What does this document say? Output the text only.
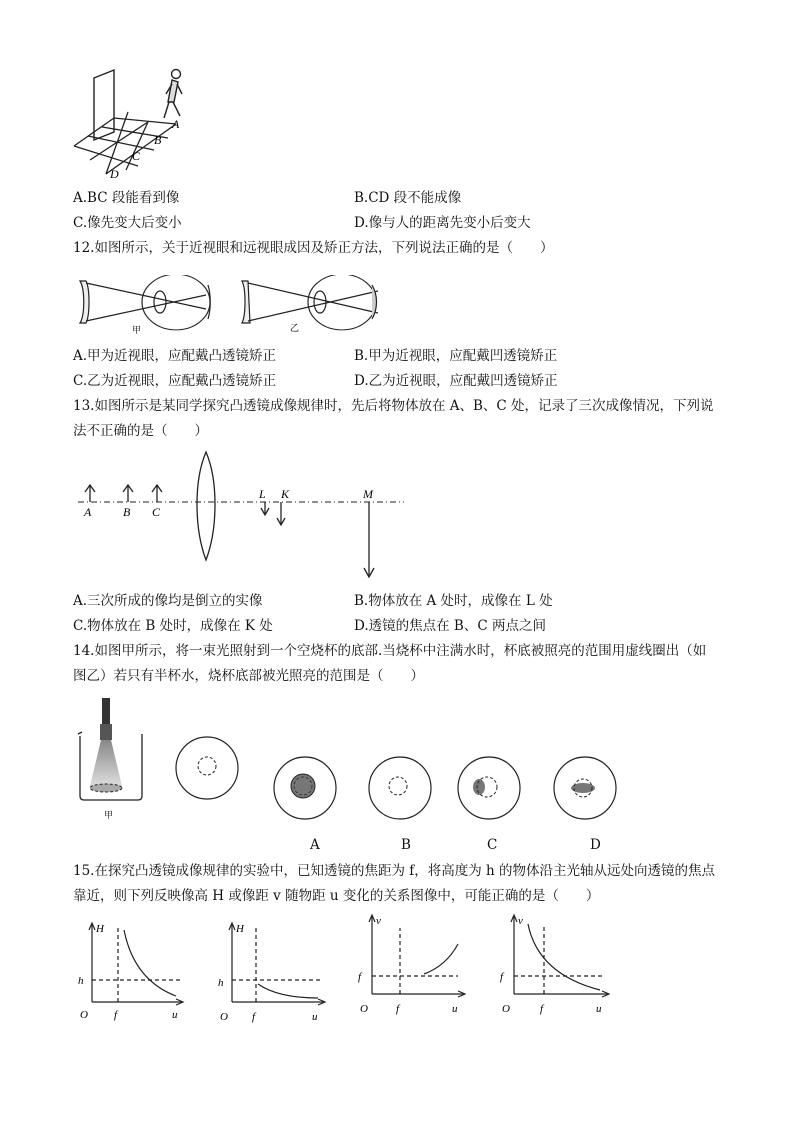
A
B
C
D
A.BC 段能看到像	B.CD 段不能成像
C.像先变大后变小	D.像与人的距离先变小后变大
12.如图所示，关于近视眼和远视眼成因及矫正方法，下列说法正确的是（　　）
甲	乙
A.甲为近视眼，应配戴凸透镜矫正	B.甲为近视眼，应配戴凹透镜矫正
C.乙为近视眼，应配戴凸透镜矫正	D.乙为近视眼，应配戴凹透镜矫正
13.如图所示是某同学探究凸透镜成像规律时，先后将物体放在 A、B、C 处，记录了三次成像情况，下列说
法不正确的是（　　）
A	B C
L K	M
A.三次所成的像均是倒立的实像	B.物体放在 A 处时，成像在 L 处
C.物体放在 B 处时，成像在 K 处	D.透镜的焦点在 B、C 两点之间
14.如图甲所示，将一束光照射到一个空烧杯的底部.当烧杯中注满水时，杯底被照亮的范围用虚线圈出（如
图乙）若只有半杯水，烧杯底部被光照亮的范围是（　　）
甲
A	B	C	D
15.在探究凸透镜成像规律的实验中，已知透镜的焦距为 f，将高度为 h 的物体沿主光轴从远处向透镜的焦点
靠近，则下列反映像高 H 或像距 v 随物距 u 变化的关系图像中，可能正确的是（　　）
H
h
O f	u
H
h
O f	u
v
f
O	f	u
v
f
O	f	u
